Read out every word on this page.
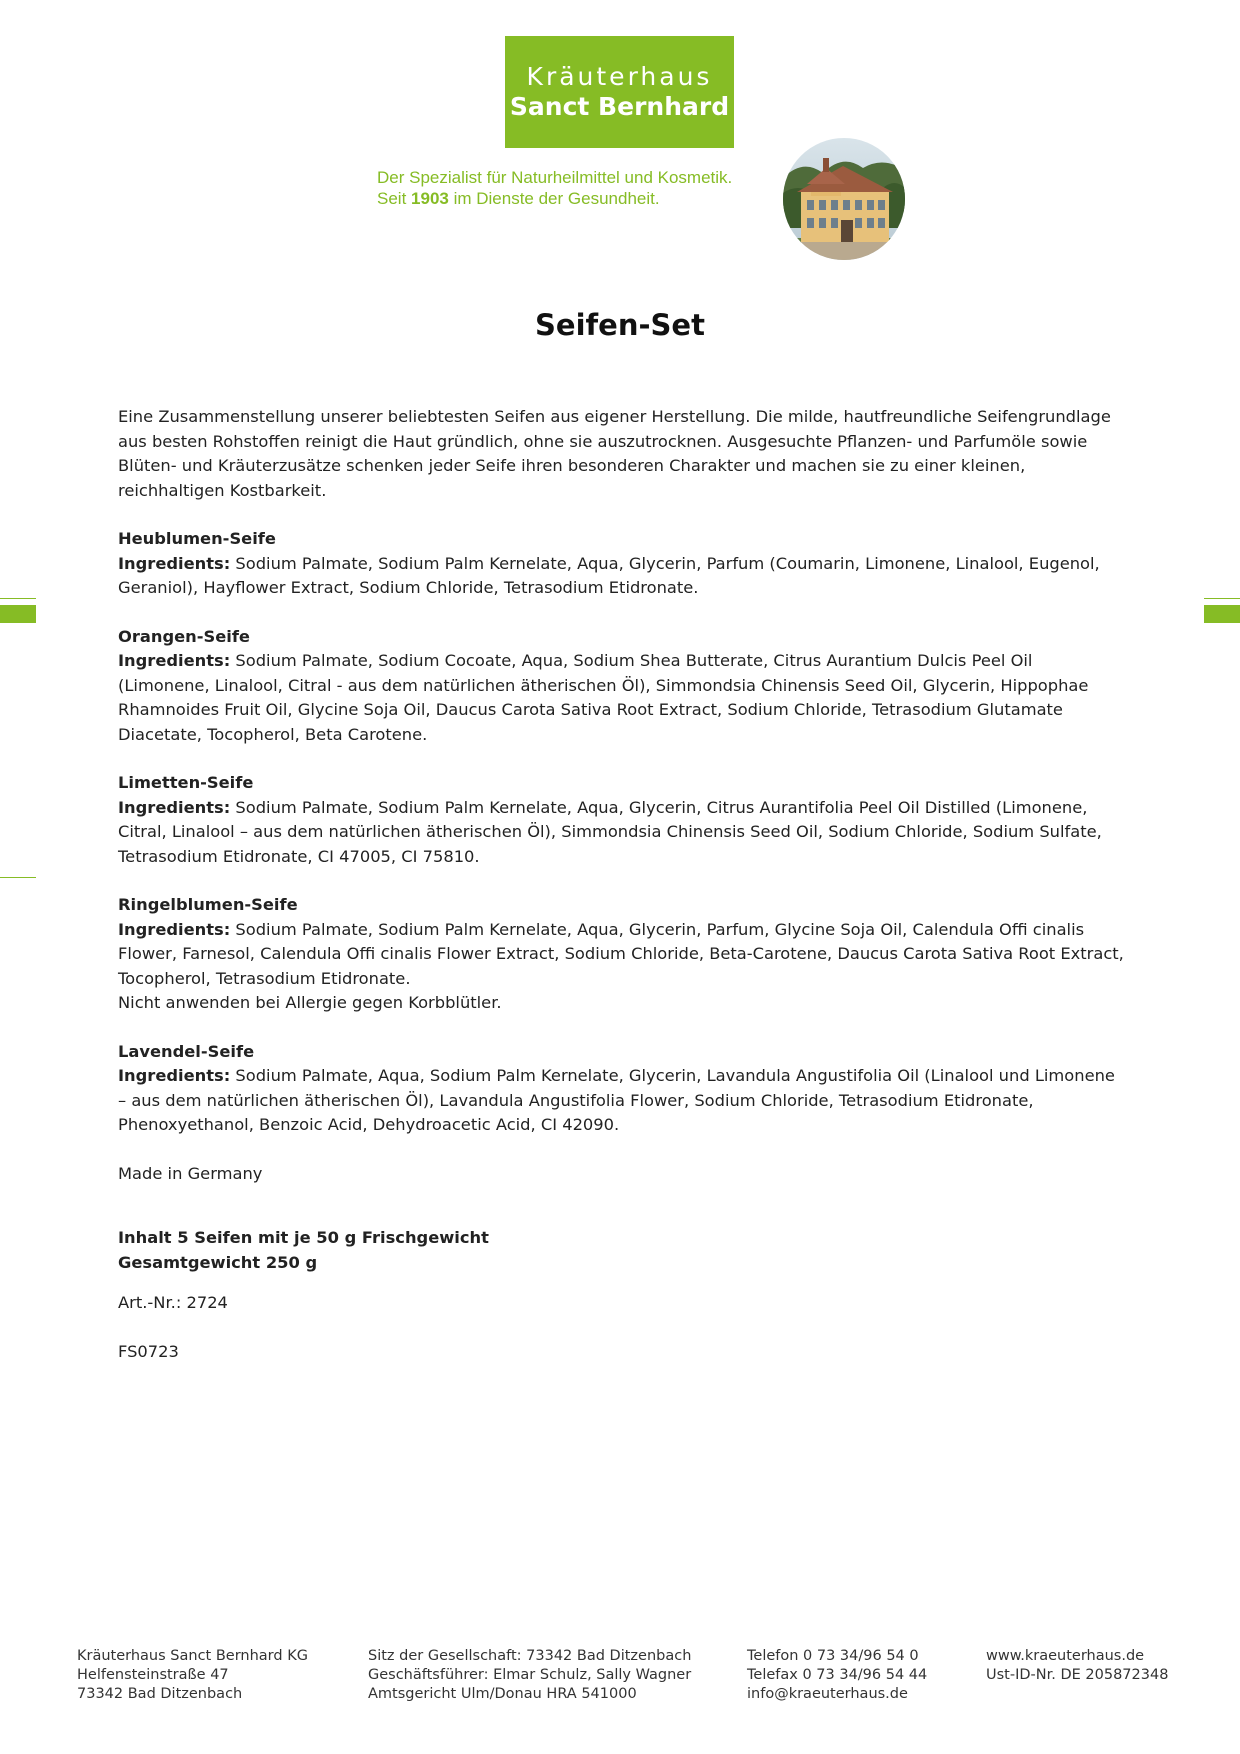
Kräuterhaus
Sanct Bernhard
Der Spezialist für Naturheilmittel und Kosmetik.
Seit 1903 im Dienste der Gesundheit.
Seifen-Set

Eine Zusammenstellung unserer beliebtesten Seifen aus eigener Herstellung. Die milde, hautfreundliche Seifengrundlage aus besten Rohstoffen reinigt die Haut gründlich, ohne sie auszutrocknen. Ausgesuchte Pflanzen- und Parfumöle sowie Blüten- und Kräuterzusätze schenken jeder Seife ihren besonderen Charakter und machen sie zu einer kleinen, reichhaltigen Kostbarkeit.

Heublumen-Seife

Ingredients: Sodium Palmate, Sodium Palm Kernelate, Aqua, Glycerin, Parfum (Coumarin, Limonene, Linalool, Eugenol, Geraniol), Hayflower Extract, Sodium Chloride, Tetrasodium Etidronate.

Orangen-Seife

Ingredients: Sodium Palmate, Sodium Cocoate, Aqua, Sodium Shea Butterate, Citrus Aurantium Dulcis Peel Oil (Limonene, Linalool, Citral - aus dem natürlichen ätherischen Öl), Simmondsia Chinensis Seed Oil, Glycerin, Hippophae Rhamnoides Fruit Oil, Glycine Soja Oil, Daucus Carota Sativa Root Extract, Sodium Chloride, Tetrasodium Glutamate Diacetate, Tocopherol, Beta Carotene.

Limetten-Seife

Ingredients: Sodium Palmate, Sodium Palm Kernelate, Aqua, Glycerin, Citrus Aurantifolia Peel Oil Distilled (Limonene, Citral, Linalool – aus dem natürlichen ätherischen Öl), Simmondsia Chinensis Seed Oil, Sodium Chloride, Sodium Sulfate, Tetrasodium Etidronate, CI 47005, CI 75810.

Ringelblumen-Seife

Ingredients: Sodium Palmate, Sodium Palm Kernelate, Aqua, Glycerin, Parfum, Glycine Soja Oil, Calendula Offi cinalis Flower, Farnesol, Calendula Offi cinalis Flower Extract, Sodium Chloride, Beta-Carotene, Daucus Carota Sativa Root Extract, Tocopherol, Tetrasodium Etidronate.

Nicht anwenden bei Allergie gegen Korbblütler.

Lavendel-Seife

Ingredients: Sodium Palmate, Aqua, Sodium Palm Kernelate, Glycerin, Lavandula Angustifolia Oil (Linalool und Limonene – aus dem natürlichen ätherischen Öl), Lavandula Angustifolia Flower, Sodium Chloride, Tetrasodium Etidronate, Phenoxyethanol, Benzoic Acid, Dehydroacetic Acid, CI 42090.

Made in Germany

Inhalt 5 Seifen mit je 50 g Frischgewicht
Gesamtgewicht 250 g

Art.-Nr.: 2724

FS0723

Kräuterhaus Sanct Bernhard KG
Helfensteinstraße 47
73342 Bad Ditzenbach
Sitz der Gesellschaft: 73342 Bad Ditzenbach
Geschäftsführer: Elmar Schulz, Sally Wagner
Amtsgericht Ulm/Donau HRA 541000
Telefon 0 73 34/96 54 0
Telefax 0 73 34/96 54 44
info@kraeuterhaus.de
www.kraeuterhaus.de
Ust-ID-Nr. DE 205872348
